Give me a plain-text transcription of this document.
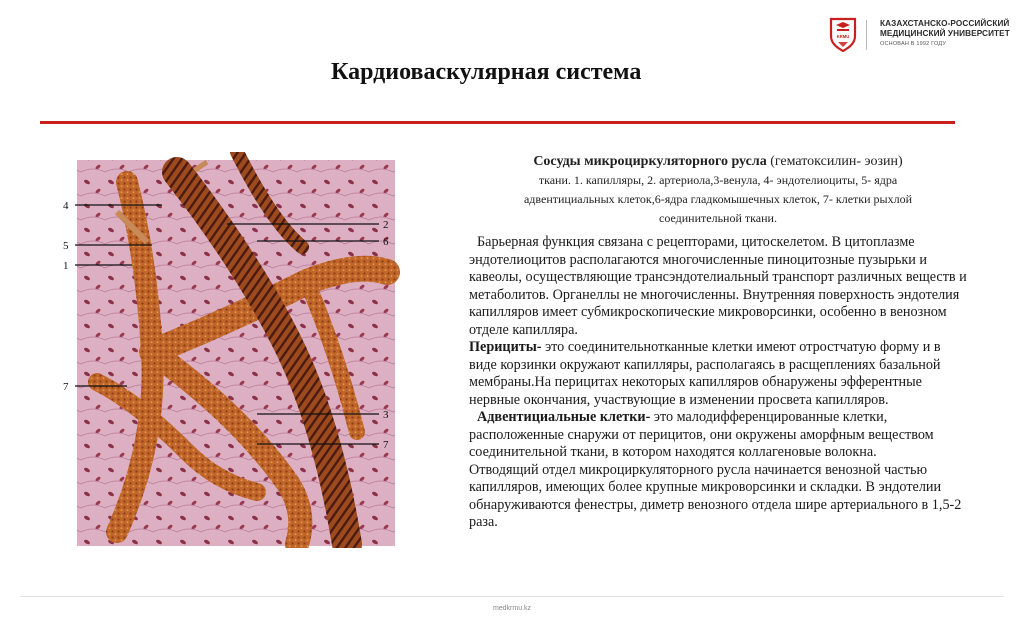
KRMU
КАЗАХСТАНСКО-РОССИЙСКИЙ
МЕДИЦИНСКИЙ УНИВЕРСИТЕТ
ОСНОВАН В 1992 ГОДУ
Кардиоваскулярная система
4
5
1
7
2
6
3
7
Сосуды микроциркуляторного русла (гематоксилин- эозин)
ткани. 1. капилляры, 2. артериола,3-венула, 4- эндотелиоциты, 5- ядра
адвентициальных клеток,6-ядра гладкомышечных клеток, 7- клетки рыхлой
соединительной ткани.

Барьерная функция связана с рецепторами, цитоскелетом. В цитоплазме эндотелиоцитов располагаются многочисленные пиноцитозные пузырьки и кавеолы, осуществляющие трансэндотелиальный транспорт различных веществ и метаболитов. Органеллы не многочисленны. Внутренняя поверхность эндотелия капилляров имеет субмикроскопические микроворсинки, особенно в венозном отделе капилляра.

Перициты- это соединительнотканные клетки имеют отростчатую форму и в виде корзинки окружают капилляры, располагаясь в расщеплениях базальной мембраны.На перицитах некоторых капилляров обнаружены эфферентные нервные окончания, участвующие в изменении просвета капилляров.

Адвентициальные клетки- это малодифференцированные клетки, расположенные снаружи от перицитов, они окружены аморфным веществом соединительной ткани, в котором находятся коллагеновые волокна.

Отводящий отдел микроциркуляторного русла начинается венозной частью капилляров, имеющих более крупные микроворсинки и складки. В эндотелии обнаруживаются фенестры, диметр венозного отдела шире артериального в 1,5-2 раза.

medkrmu.kz
